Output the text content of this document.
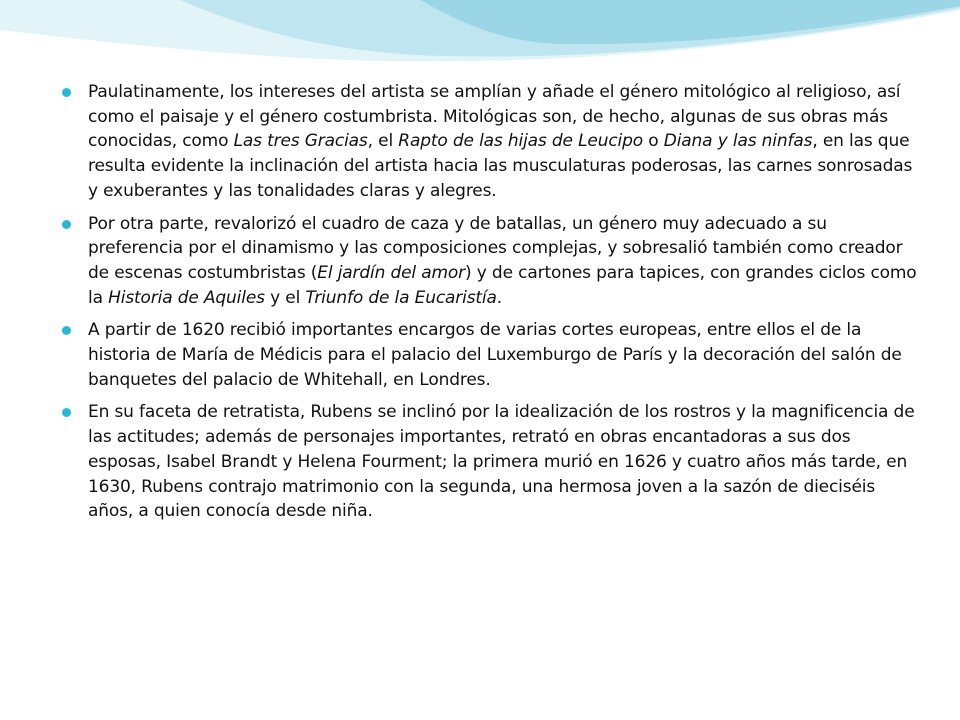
Paulatinamente, los intereses del artista se amplían y añade el género mitológico al religioso, así como el paisaje y el género costumbrista. Mitológicas son, de hecho, algunas de sus obras más conocidas, como Las tres Gracias, el Rapto de las hijas de Leucipo o Diana y las ninfas, en las que resulta evidente la inclinación del artista hacia las musculaturas poderosas, las carnes sonrosadas y exuberantes y las tonalidades claras y alegres.
Por otra parte, revalorizó el cuadro de caza y de batallas, un género muy adecuado a su preferencia por el dinamismo y las composiciones complejas, y sobresalió también como creador de escenas costumbristas (El jardín del amor) y de cartones para tapices, con grandes ciclos como la Historia de Aquiles y el Triunfo de la Eucaristía.
A partir de 1620 recibió importantes encargos de varias cortes europeas, entre ellos el de la historia de María de Médicis para el palacio del Luxemburgo de París y la decoración del salón de banquetes del palacio de Whitehall, en Londres.
En su faceta de retratista, Rubens se inclinó por la idealización de los rostros y la magnificencia de las actitudes; además de personajes importantes, retrató en obras encantadoras a sus dos esposas, Isabel Brandt y Helena Fourment; la primera murió en 1626 y cuatro años más tarde, en 1630, Rubens contrajo matrimonio con la segunda, una hermosa joven a la sazón de dieciséis años, a quien conocía desde niña.
